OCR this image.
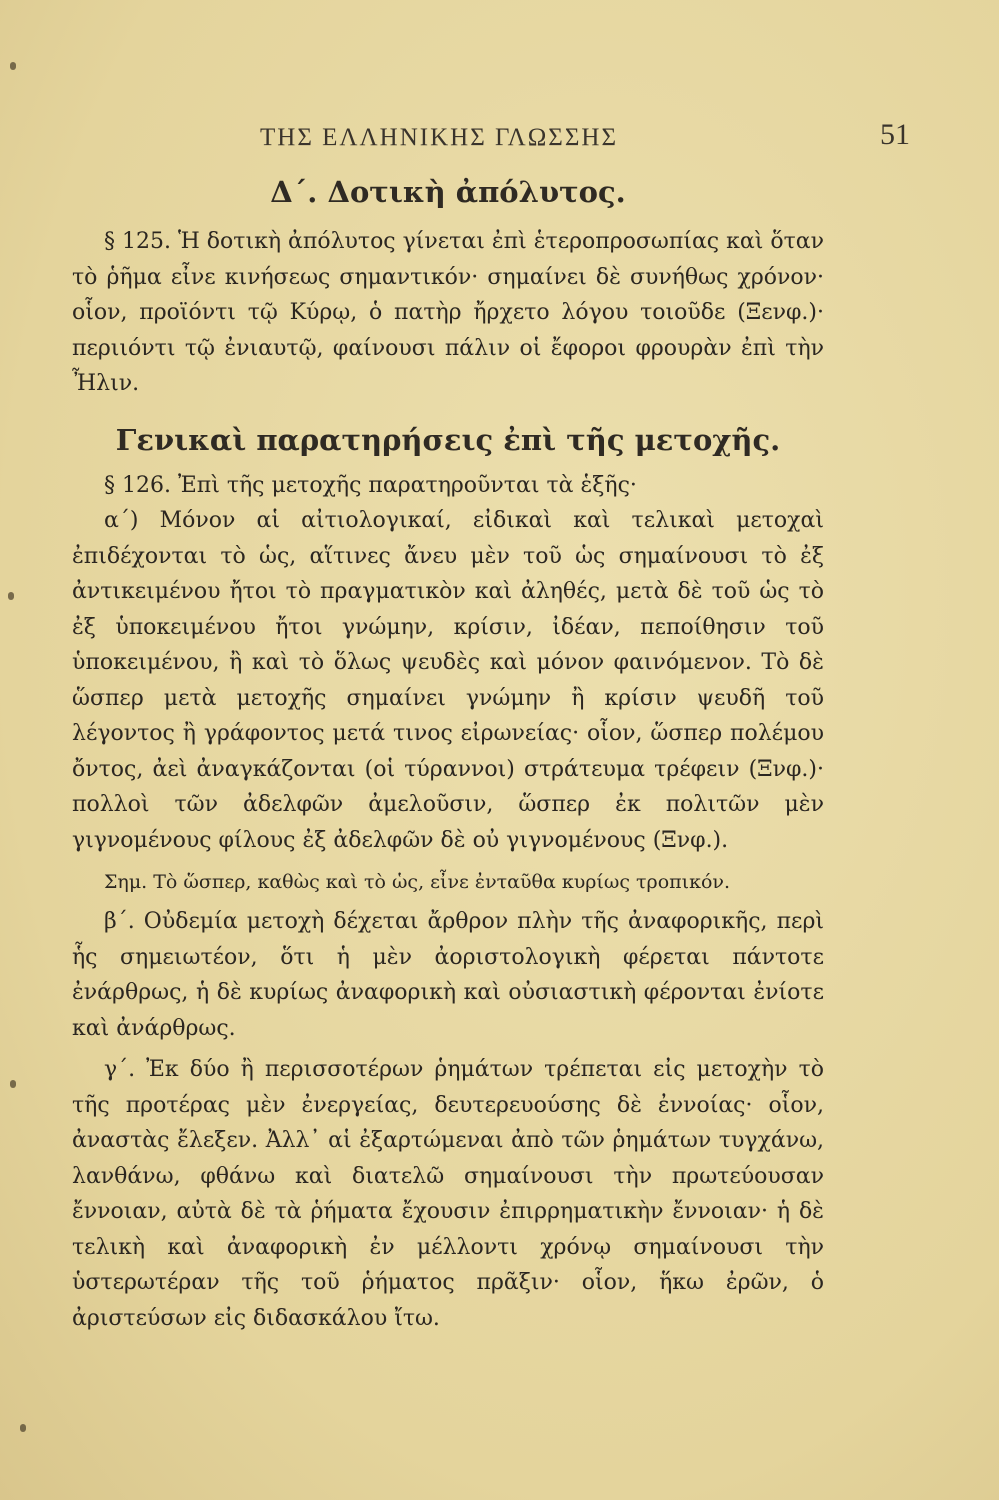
ΤΗΣ ΕΛΛΗΝΙΚΗΣ ΓΛΩΣΣΗΣ	51
Δ΄. Δοτικὴ ἀπόλυτος.

§ 125. Ἡ δοτικὴ ἀπόλυτος γίνεται ἐπὶ ἑτεροπροσωπίας καὶ ὅταν τὸ ῥῆμα εἶνε κινήσεως σημαντικόν· σημαίνει δὲ συνήθως χρόνον· οἷον, προϊόντι τῷ Κύρῳ, ὁ πατὴρ ἤρχετο λόγου τοιοῦδε (Ξενφ.)· περιιόντι τῷ ἐνιαυτῷ, φαίνουσι πάλιν οἱ ἔφοροι φρουρὰν ἐπὶ τὴν Ἦλιν.

Γενικαὶ παρατηρήσεις ἐπὶ τῆς μετοχῆς.

§ 126. Ἐπὶ τῆς μετοχῆς παρατηροῦνται τὰ ἑξῆς·

α΄) Μόνον αἱ αἰτιολογικαί, εἰδικαὶ καὶ τελικαὶ μετοχαὶ ἐπιδέχονται τὸ ὡς, αἵτινες ἄνευ μὲν τοῦ ὡς σημαίνουσι τὸ ἐξ ἀντικειμένου ἤτοι τὸ πραγματικὸν καὶ ἀληθές, μετὰ δὲ τοῦ ὡς τὸ ἐξ ὑποκειμένου ἤτοι γνώμην, κρίσιν, ἰδέαν, πεποίθησιν τοῦ ὑποκειμένου, ἢ καὶ τὸ ὅλως ψευδὲς καὶ μόνον φαινόμενον. Τὸ δὲ ὥσπερ μετὰ μετοχῆς σημαίνει γνώμην ἢ κρίσιν ψευδῆ τοῦ λέγοντος ἢ γράφοντος μετά τινος εἰρωνείας· οἷον, ὥσπερ πολέμου ὄντος, ἀεὶ ἀναγκάζονται (οἱ τύραννοι) στράτευμα τρέφειν (Ξνφ.)· πολλοὶ τῶν ἀδελφῶν ἀμελοῦσιν, ὥσπερ ἐκ πολιτῶν μὲν γιγνομένους φίλους ἐξ ἀδελφῶν δὲ οὐ γιγνομένους (Ξνφ.).

Σημ. Τὸ ὥσπερ, καθὼς καὶ τὸ ὡς, εἶνε ἐνταῦθα κυρίως τροπικόν.

β΄. Οὐδεμία μετοχὴ δέχεται ἄρθρον πλὴν τῆς ἀναφορικῆς, περὶ ἧς σημειωτέον, ὅτι ἡ μὲν ἀοριστολογικὴ φέρεται πάντοτε ἐνάρθρως, ἡ δὲ κυρίως ἀναφορικὴ καὶ οὐσιαστικὴ φέρονται ἐνίοτε καὶ ἀνάρθρως.

γ΄. Ἐκ δύο ἢ περισσοτέρων ῥημάτων τρέπεται εἰς μετοχὴν τὸ τῆς προτέρας μὲν ἐνεργείας, δευτερευούσης δὲ ἐννοίας· οἷον, ἀναστὰς ἔλεξεν. Ἀλλ᾽ αἱ ἐξαρτώμεναι ἀπὸ τῶν ῥημάτων τυγχάνω, λανθάνω, φθάνω καὶ διατελῶ σημαίνουσι τὴν πρωτεύουσαν ἔννοιαν, αὐτὰ δὲ τὰ ῥήματα ἔχουσιν ἐπιρρηματικὴν ἔννοιαν· ἡ δὲ τελικὴ καὶ ἀναφορικὴ ἐν μέλλοντι χρόνῳ σημαίνουσι τὴν ὑστερωτέραν τῆς τοῦ ῥήματος πρᾶξιν· οἷον, ἥκω ἐρῶν, ὁ ἀριστεύσων εἰς διδασκάλου ἴτω.
